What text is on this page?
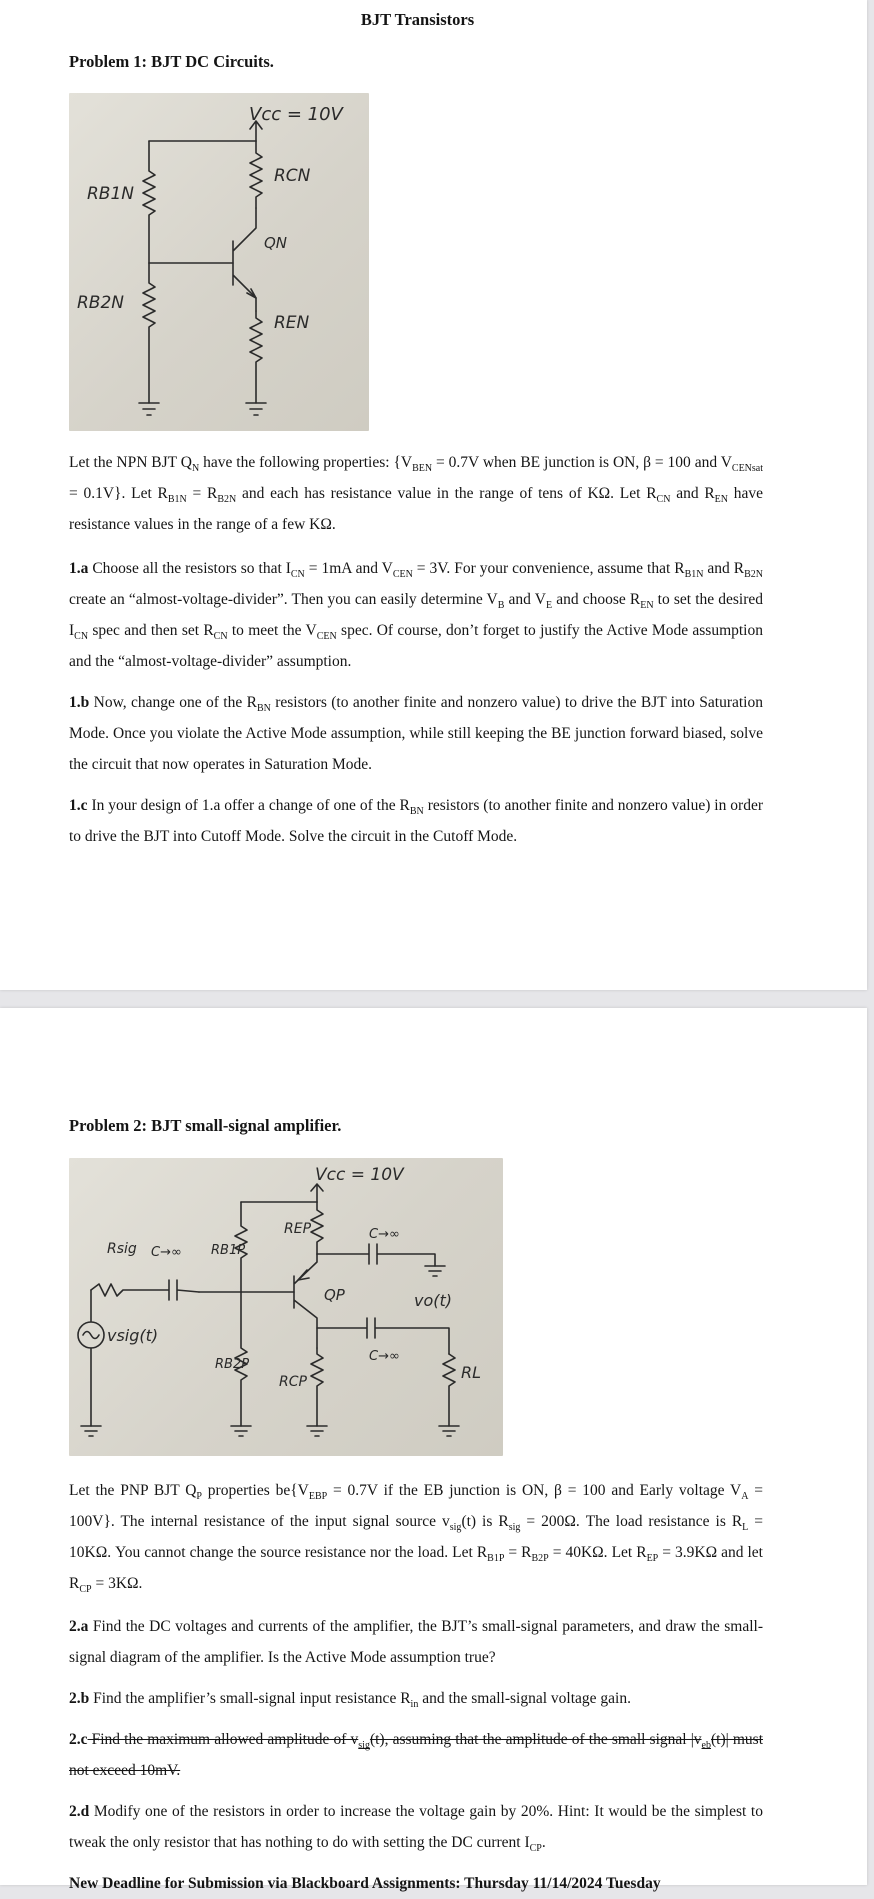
BJT Transistors
Problem 1: BJT DC Circuits.
Vcc = 10V
RB1N
RCN
QN
RB2N
REN
Let the NPN BJT $Q_N$ have the following properties: {$V_{BEN} = 0.7V$ when BE junction is ON, β = 100 and $V_{CENsat} = 0.1V$}. Let $R_{B1N} = R_{B2N}$ and each has resistance value in the range of tens of KΩ. Let $R_{CN}$ and $R_{EN}$ have resistance values in the range of a few KΩ.
1.a Choose all the resistors so that $I_{CN} = 1mA$ and $V_{CEN} = 3V$. For your convenience, assume that $R_{B1N}$ and $R_{B2N}$ create an “almost-voltage-divider”. Then you can easily determine $V_B$ and $V_E$ and choose $R_{EN}$ to set the desired $I_{CN}$ spec and then set $R_{CN}$ to meet the $V_{CEN}$ spec. Of course, don’t forget to justify the Active Mode assumption and the “almost-voltage-divider” assumption.
1.b Now, change one of the $R_{BN}$ resistors (to another finite and nonzero value) to drive the BJT into Saturation Mode. Once you violate the Active Mode assumption, while still keeping the BE junction forward biased, solve the circuit that now operates in Saturation Mode.
1.c In your design of 1.a offer a change of one of the $R_{BN}$ resistors (to another finite and nonzero value) in order to drive the BJT into Cutoff Mode. Solve the circuit in the Cutoff Mode.
Problem 2: BJT small-signal amplifier.
Vcc = 10V
REP	C→∞
QP
RB1P
RB2P
Rsig C→∞
vsig(t)
RCP
C→∞
vo(t)
RL
Let the PNP BJT $Q_P$ properties $be\{V_{EBP} = 0.7V$ if the EB junction is ON, β = 100 and Early voltage $V_A = 100V$}. The internal resistance of the input signal source $v_{sig}(t)$ is $R_{sig} = 200\Omega$. The load resistance is $R_L = 10K\Omega$. You cannot change the source resistance nor the load. Let $R_{B1P} = R_{B2P} = 40K\Omega$. Let $R_{EP} = 3.9K\Omega$ and let $R_{CP} = 3K\Omega$.
2.a Find the DC voltages and currents of the amplifier, the BJT’s small-signal parameters, and draw the small-signal diagram of the amplifier. Is the Active Mode assumption true?
2.b Find the amplifier’s small-signal input resistance $R_{in}$ and the small-signal voltage gain.
2.c Find the maximum allowed amplitude of $v_{sig}(t)$, assuming that the amplitude of the small signal $|v_{eb}(t)|$ must not exceed 10mV.
2.d Modify one of the resistors in order to increase the voltage gain by 20%. Hint: It would be the simplest to tweak the only resistor that has nothing to do with setting the DC current $I_{CP}$.
New Deadline for Submission via Blackboard Assignments: Thursday 11/14/2024 Tuesday
